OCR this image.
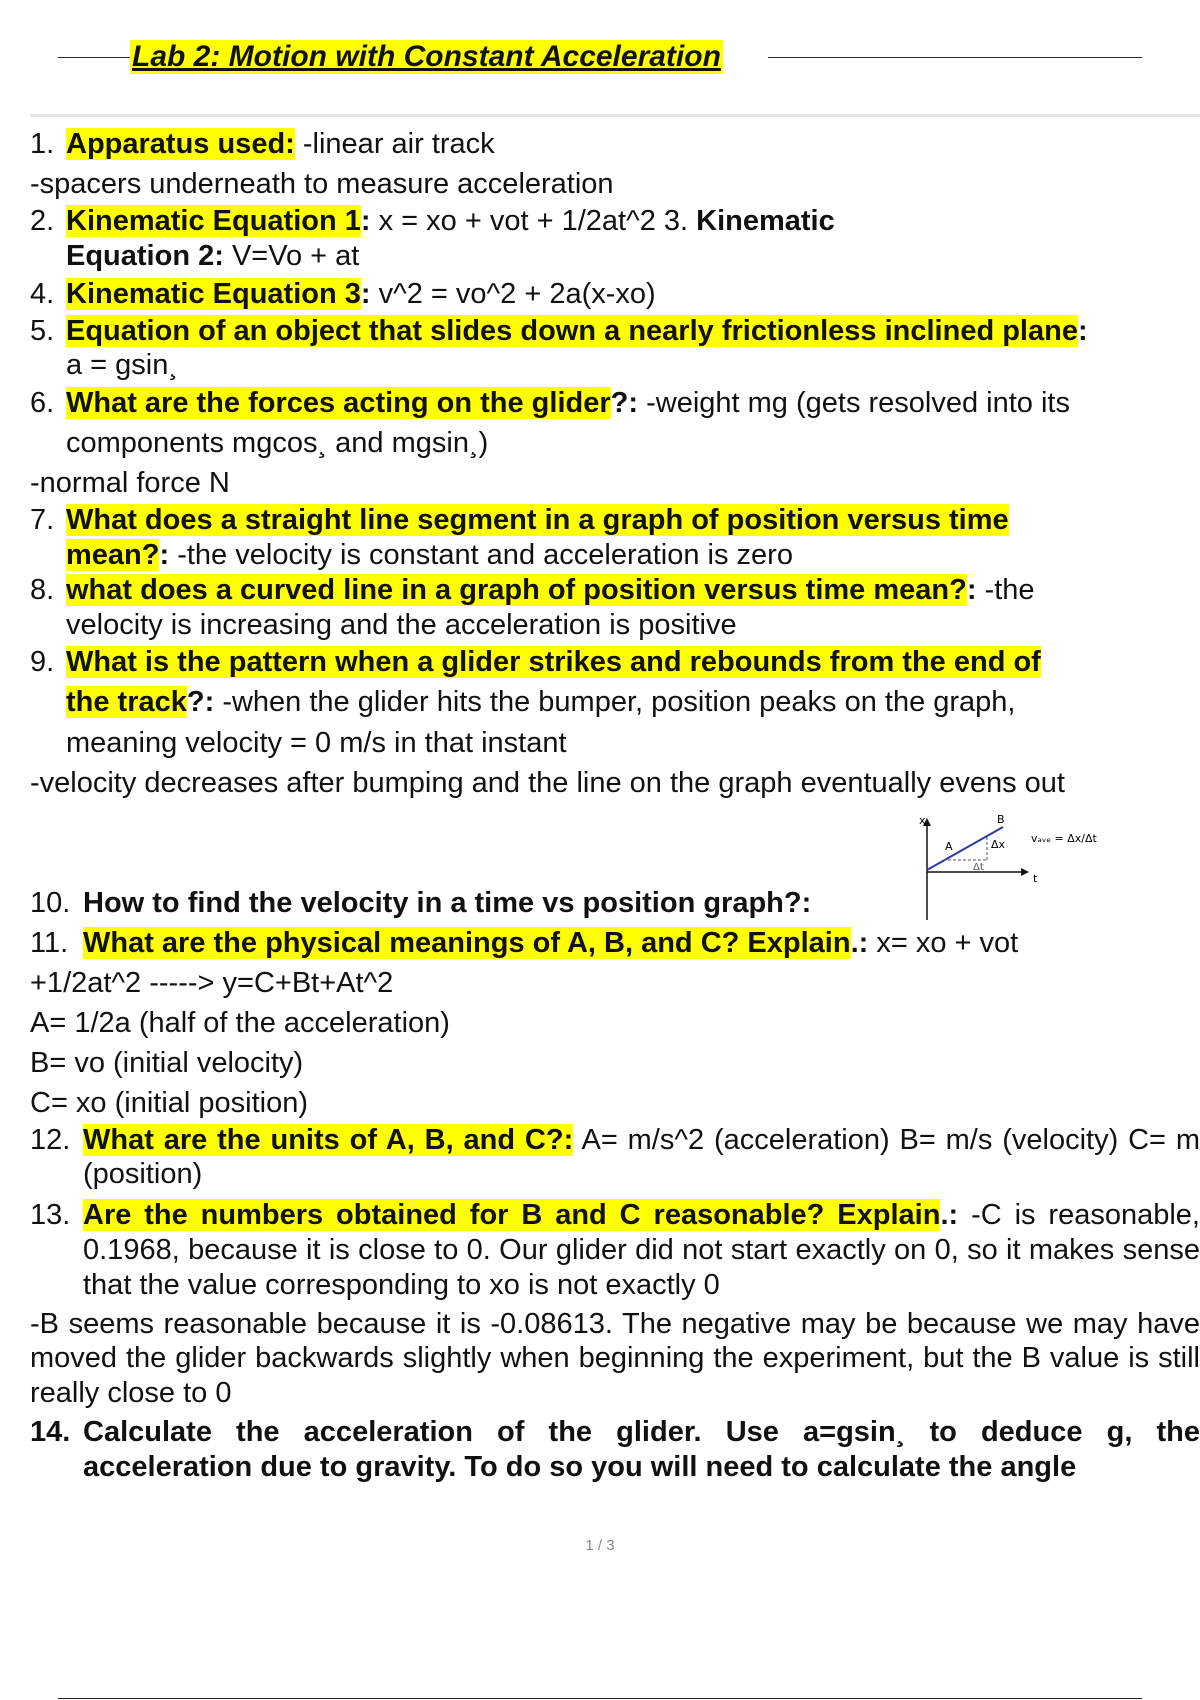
Lab 2: Motion with Constant Acceleration
1. Apparatus used: -linear air track
-spacers underneath to measure acceleration
2. Kinematic Equation 1: x = xo + vot + 1/2at^2 3. Kinematic
Equation 2: V=Vo + at
4. Kinematic Equation 3: v^2 = vo^2 + 2a(x-xo)
5. Equation of an object that slides down a nearly frictionless inclined plane:
a = gsin¸
6. What are the forces acting on the glider?: -weight mg (gets resolved into its
components mgcos¸ and mgsin¸)
-normal force N
7. What does a straight line segment in a graph of position versus time
mean?: -the velocity is constant and acceleration is zero
8. what does a curved line in a graph of position versus time mean?: -the
velocity is increasing and the acceleration is positive
9. What is the pattern when a glider strikes and rebounds from the end of
the track?: -when the glider hits the bumper, position peaks on the graph,
meaning velocity = 0 m/s in that instant
-velocity decreases after bumping and the line on the graph eventually evens out
10. How to find the velocity in a time vs position graph?:
11. What are the physical meanings of A, B, and C? Explain.: x= xo + vot
+1/2at^2 -----> y=C+Bt+At^2
A= 1/2a (half of the acceleration)
B= vo (initial velocity)
C= xo (initial position)
12. What are the units of A, B, and C?: A= m/s^2 (acceleration) B= m/s (velocity) C= m (position)
13. Are the numbers obtained for B and C reasonable? Explain.: -C is reasonable, 0.1968, because it is close to 0. Our glider did not start exactly on 0, so it makes sense that the value corresponding to xo is not exactly 0
-B seems reasonable because it is -0.08613. The negative may be because we may have moved the glider backwards slightly when beginning the experiment, but the B value is still really close to 0
14. Calculate the acceleration of the glider. Use a=gsin¸ to deduce g, the acceleration due to gravity. To do so you will need to calculate the angle
x
t
A
B
Δx
Δt
vₐᵥₑ = Δx/Δt
1 / 3
